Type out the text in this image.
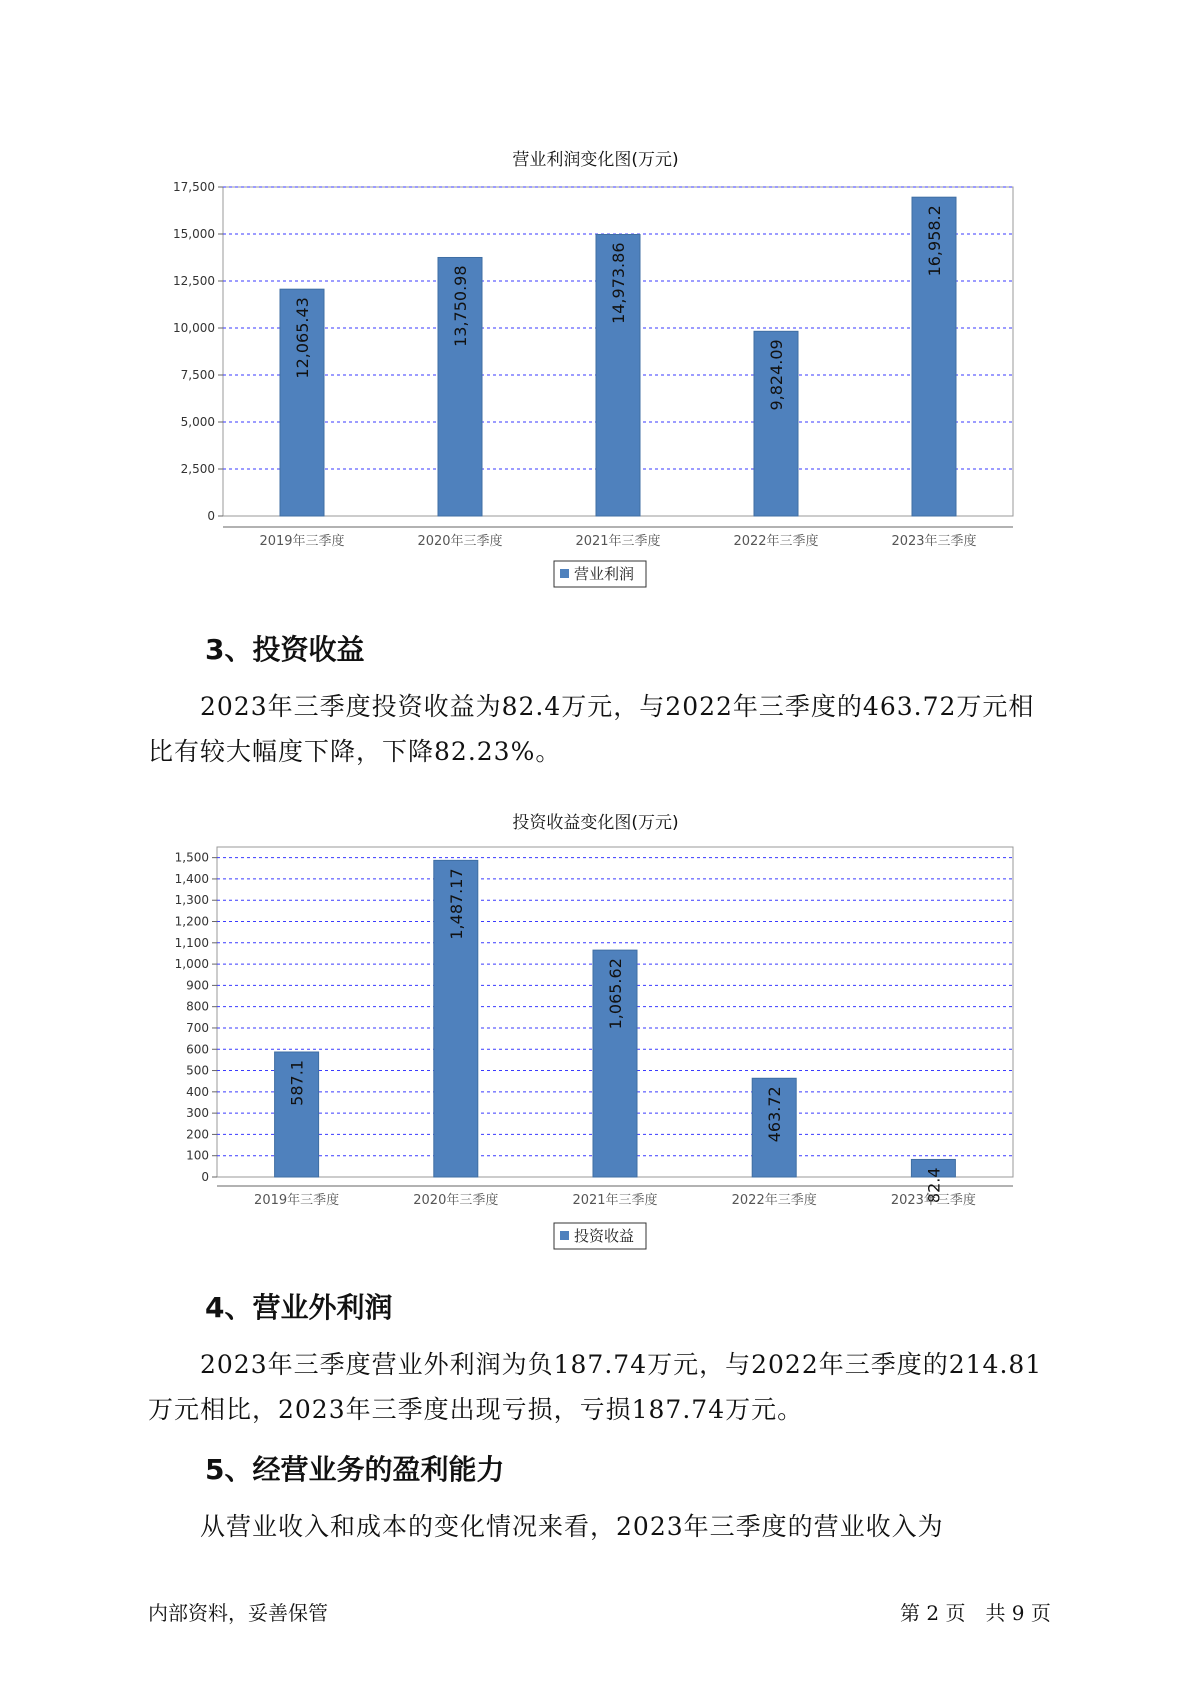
营业利润变化图(万元)
0
2,500
5,000
7,500
10,000
12,500
15,000
17,500
12,065.43
2019年三季度
13,750.98
2020年三季度
14,973.86
2021年三季度
9,824.09
2022年三季度
16,958.2
2023年三季度
营业利润
3、投资收益
2023年三季度投资收益为82.4万元，与2022年三季度的463.72万元相比有较大幅度下降，下降82.23%。
投资收益变化图(万元)
0
100
200
300
400
500
600
700
800
900
1,000
1,100
1,200
1,300
1,400
1,500
587.1
2019年三季度
1,487.17
2020年三季度
1,065.62
2021年三季度
463.72
2022年三季度	82.4
2023年三季度
投资收益
4、营业外利润
2023年三季度营业外利润为负187.74万元，与2022年三季度的214.81万元相比，2023年三季度出现亏损，亏损187.74万元。
5、经营业务的盈利能力
从营业收入和成本的变化情况来看，2023年三季度的营业收入为
内部资料，妥善保管	第 2 页　共 9 页
